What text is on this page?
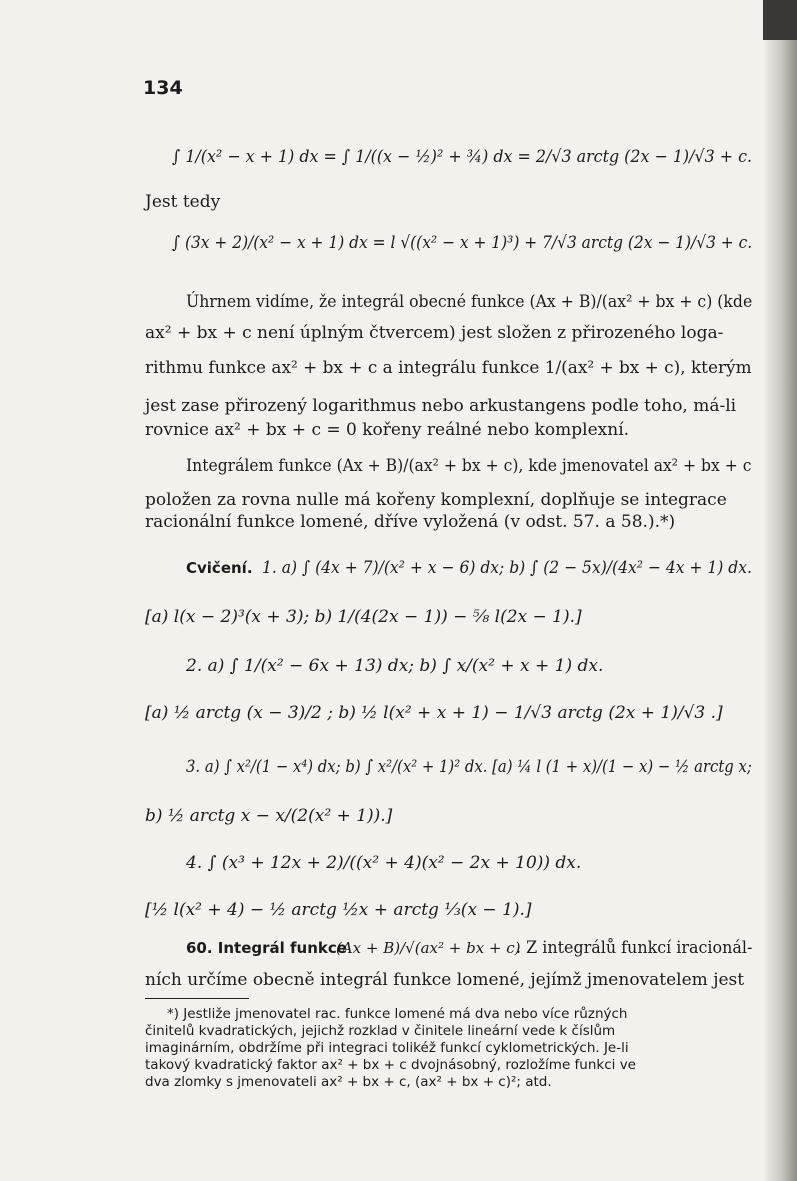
134
∫ 1/(x² − x + 1) dx = ∫ 1/((x − ½)² + ¾) dx = 2/√3 arctg (2x − 1)/√3 + c.
Jest tedy
∫ (3x + 2)/(x² − x + 1) dx = l √((x² − x + 1)³) + 7/√3 arctg (2x − 1)/√3 + c.
Úhrnem vidíme, že integrál obecné funkce (Ax + B)/(ax² + bx + c) (kde
ax² + bx + c není úplným čtvercem) jest složen z přirozeného loga-
rithmu funkce ax² + bx + c a integrálu funkce 1/(ax² + bx + c), kterým
jest zase přirozený logarithmus nebo arkustangens podle toho, má-li
rovnice ax² + bx + c = 0 kořeny reálné nebo komplexní.
Integrálem funkce (Ax + B)/(ax² + bx + c), kde jmenovatel ax² + bx + c
položen za rovna nulle má kořeny komplexní, doplňuje se integrace
racionální funkce lomené, dříve vyložená (v odst. 57. a 58.).*)
Cvičení. 1. a) ∫ (4x + 7)/(x² + x − 6) dx; b) ∫ (2 − 5x)/(4x² − 4x + 1) dx.
[a) l(x − 2)³(x + 3); b) 1/(4(2x − 1)) − ⅝ l(2x − 1).]
2. a) ∫ 1/(x² − 6x + 13) dx; b) ∫ x/(x² + x + 1) dx.
[a) ½ arctg (x − 3)/2 ; b) ½ l(x² + x + 1) − 1/√3 arctg (2x + 1)/√3 .]
3. a) ∫ x²/(1 − x⁴) dx; b) ∫ x²/(x² + 1)² dx. [a) ¼ l (1 + x)/(1 − x) − ½ arctg x;
b) ½ arctg x − x/(2(x² + 1)).]
4. ∫ (x³ + 12x + 2)/((x² + 4)(x² − 2x + 10)) dx.
[½ l(x² + 4) − ½ arctg ½x + arctg ⅓(x − 1).]
60. Integrál funkce
(Ax + B)/√(ax² + bx + c)
. Z integrálů funkcí iracionál-
ních určíme obecně integrál funkce lomené, jejímž jmenovatelem jest
*) Jestliže jmenovatel rac. funkce lomené má dva nebo více různých
činitelů kvadratických, jejichž rozklad v činitele lineární vede k číslům
imaginárním, obdržíme při integraci tolikéž funkcí cyklometrických. Je-li
takový kvadratický faktor ax² + bx + c dvojnásobný, rozložíme funkci ve
dva zlomky s jmenovateli ax² + bx + c, (ax² + bx + c)²; atd.
